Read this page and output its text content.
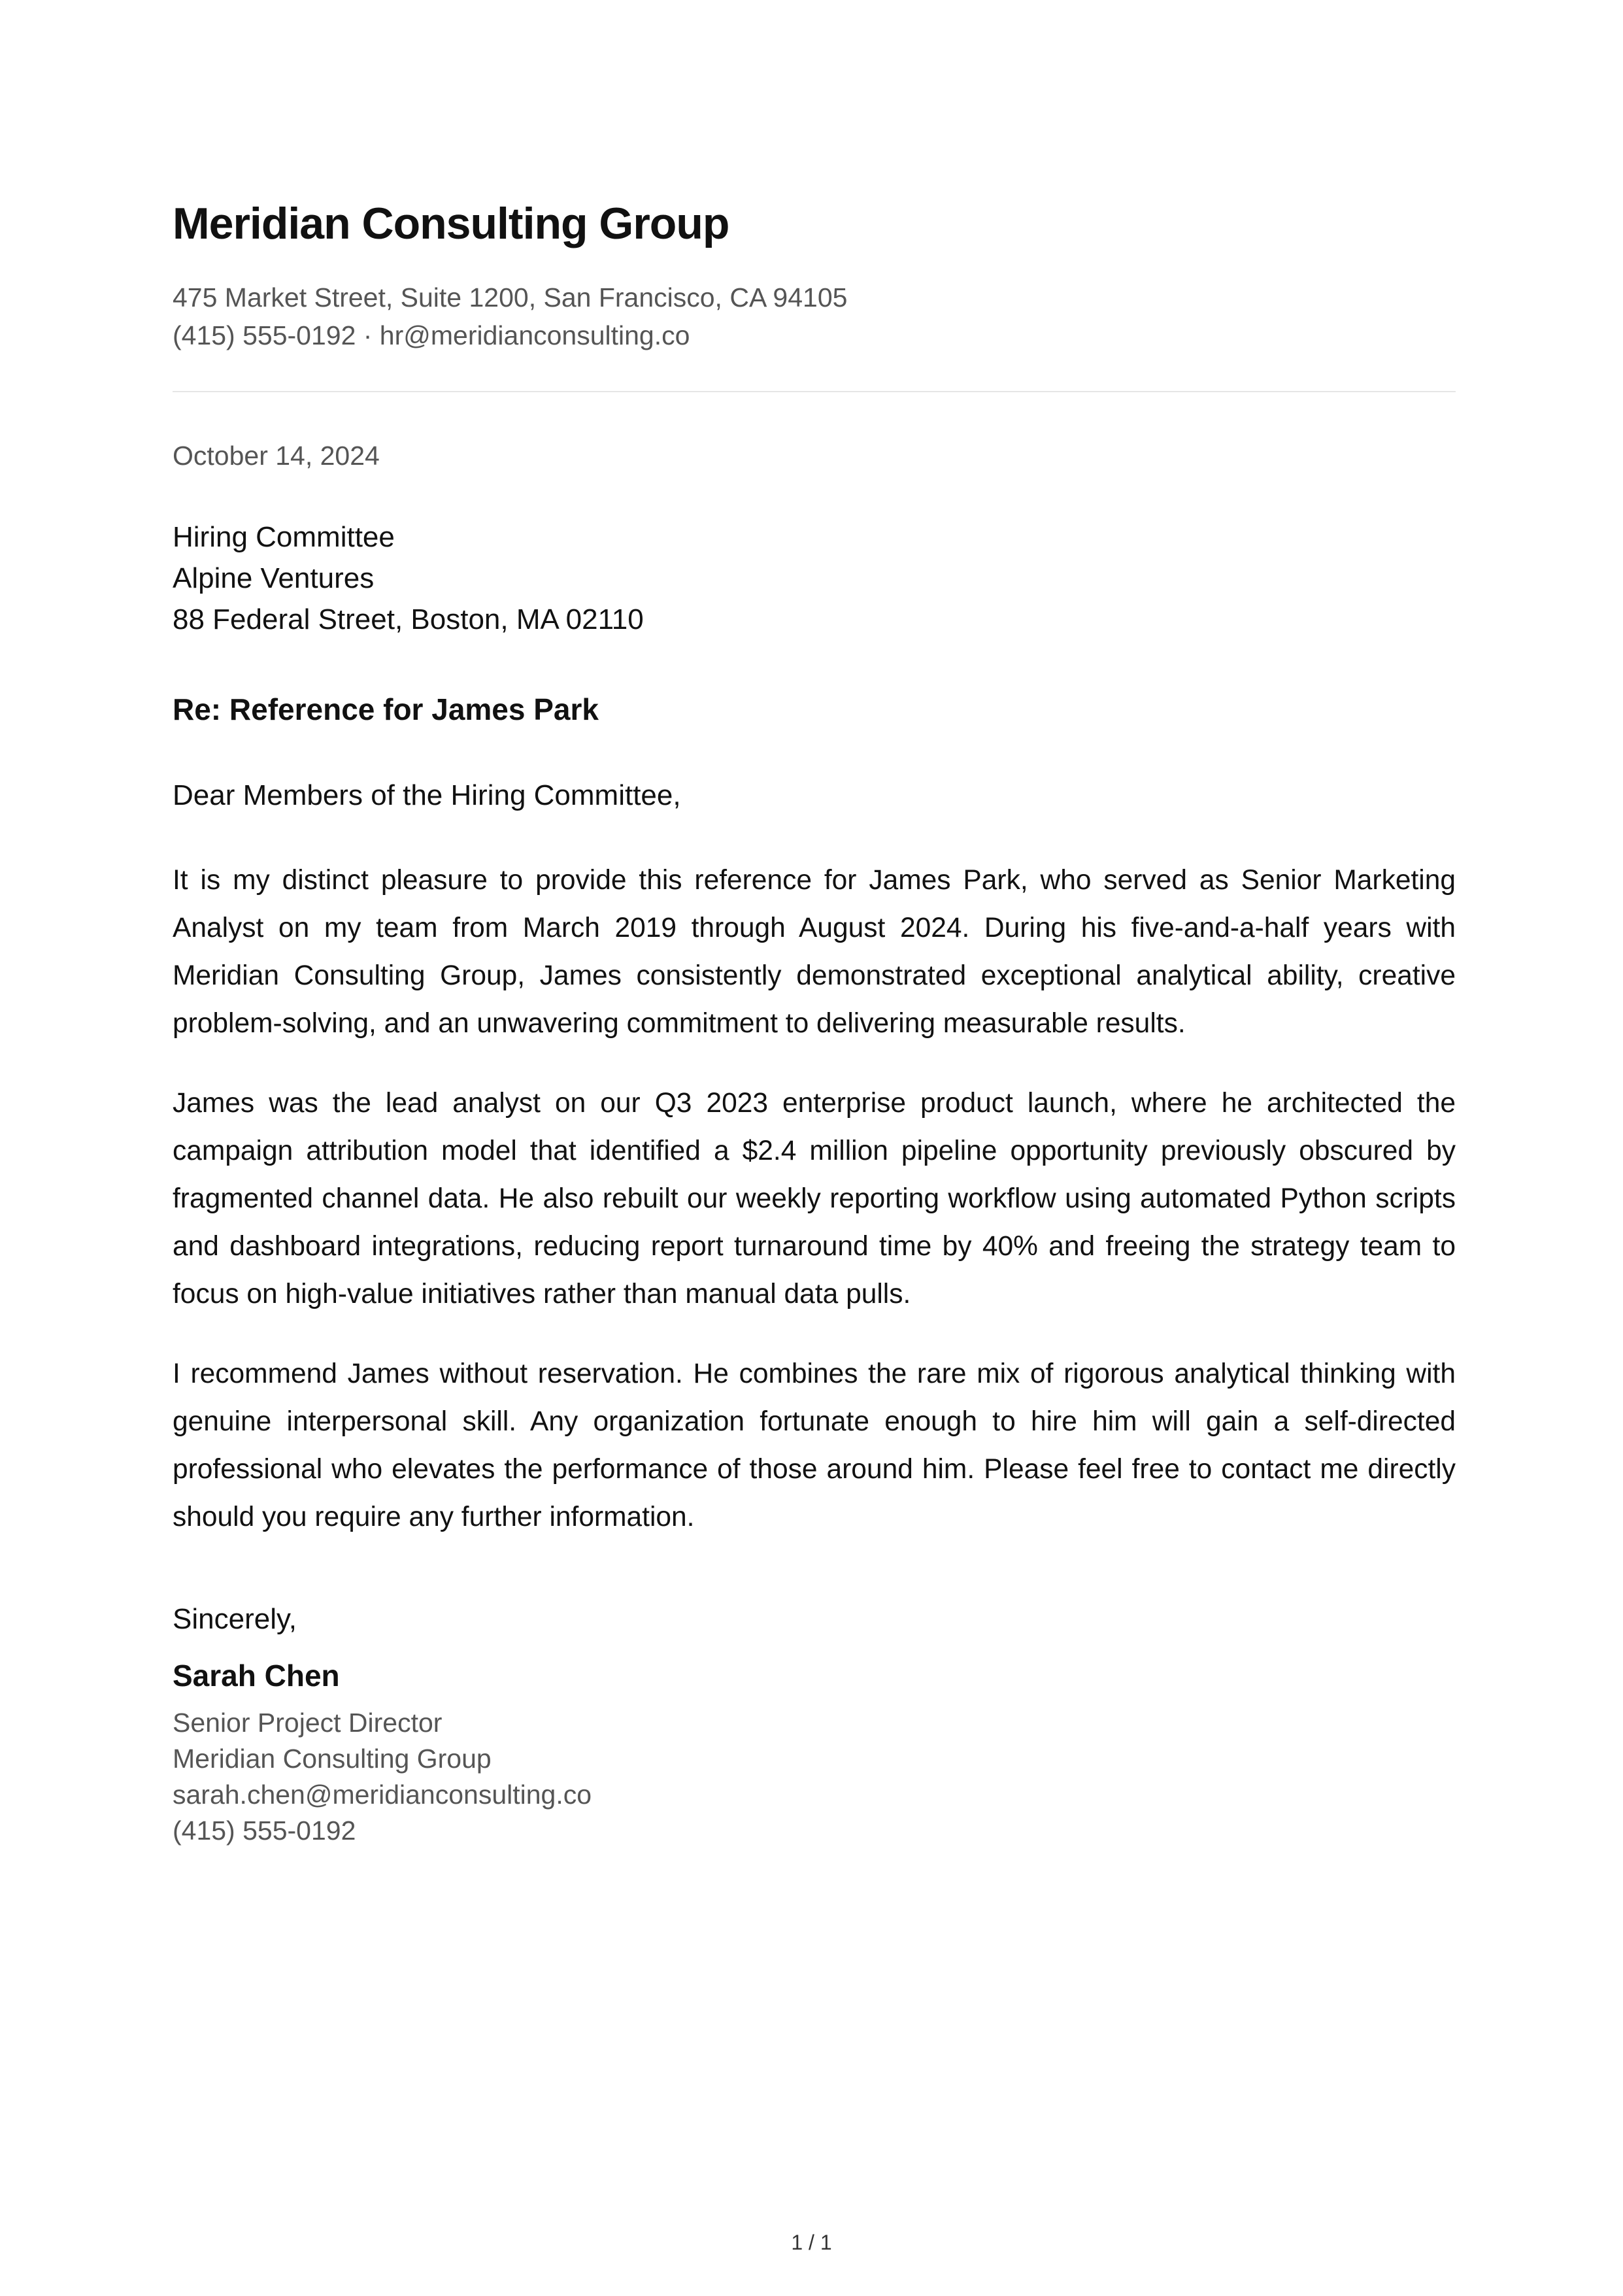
Meridian Consulting Group
475 Market Street, Suite 1200, San Francisco, CA 94105
(415) 555-0192 · hr@meridianconsulting.co
October 14, 2024
Hiring Committee
Alpine Ventures
88 Federal Street, Boston, MA 02110
Re: Reference for James Park
Dear Members of the Hiring Committee,

It is my distinct pleasure to provide this reference for James Park, who served as Senior Marketing Analyst on my team from March 2019 through August 2024. During his five-and-a-half years with Meridian Consulting Group, James consistently demonstrated exceptional analytical ability, creative problem-solving, and an unwavering commitment to delivering measurable results.

James was the lead analyst on our Q3 2023 enterprise product launch, where he architected the campaign attribution model that identified a $2.4 million pipeline opportunity previously obscured by fragmented channel data. He also rebuilt our weekly reporting workflow using automated Python scripts and dashboard integrations, reducing report turnaround time by 40% and freeing the strategy team to focus on high-value initiatives rather than manual data pulls.

I recommend James without reservation. He combines the rare mix of rigorous analytical thinking with genuine interpersonal skill. Any organization fortunate enough to hire him will gain a self-directed professional who elevates the performance of those around him. Please feel free to contact me directly should you require any further information.

Sincerely,
Sarah Chen
Senior Project Director
Meridian Consulting Group
sarah.chen@meridianconsulting.co
(415) 555-0192
1 / 1
